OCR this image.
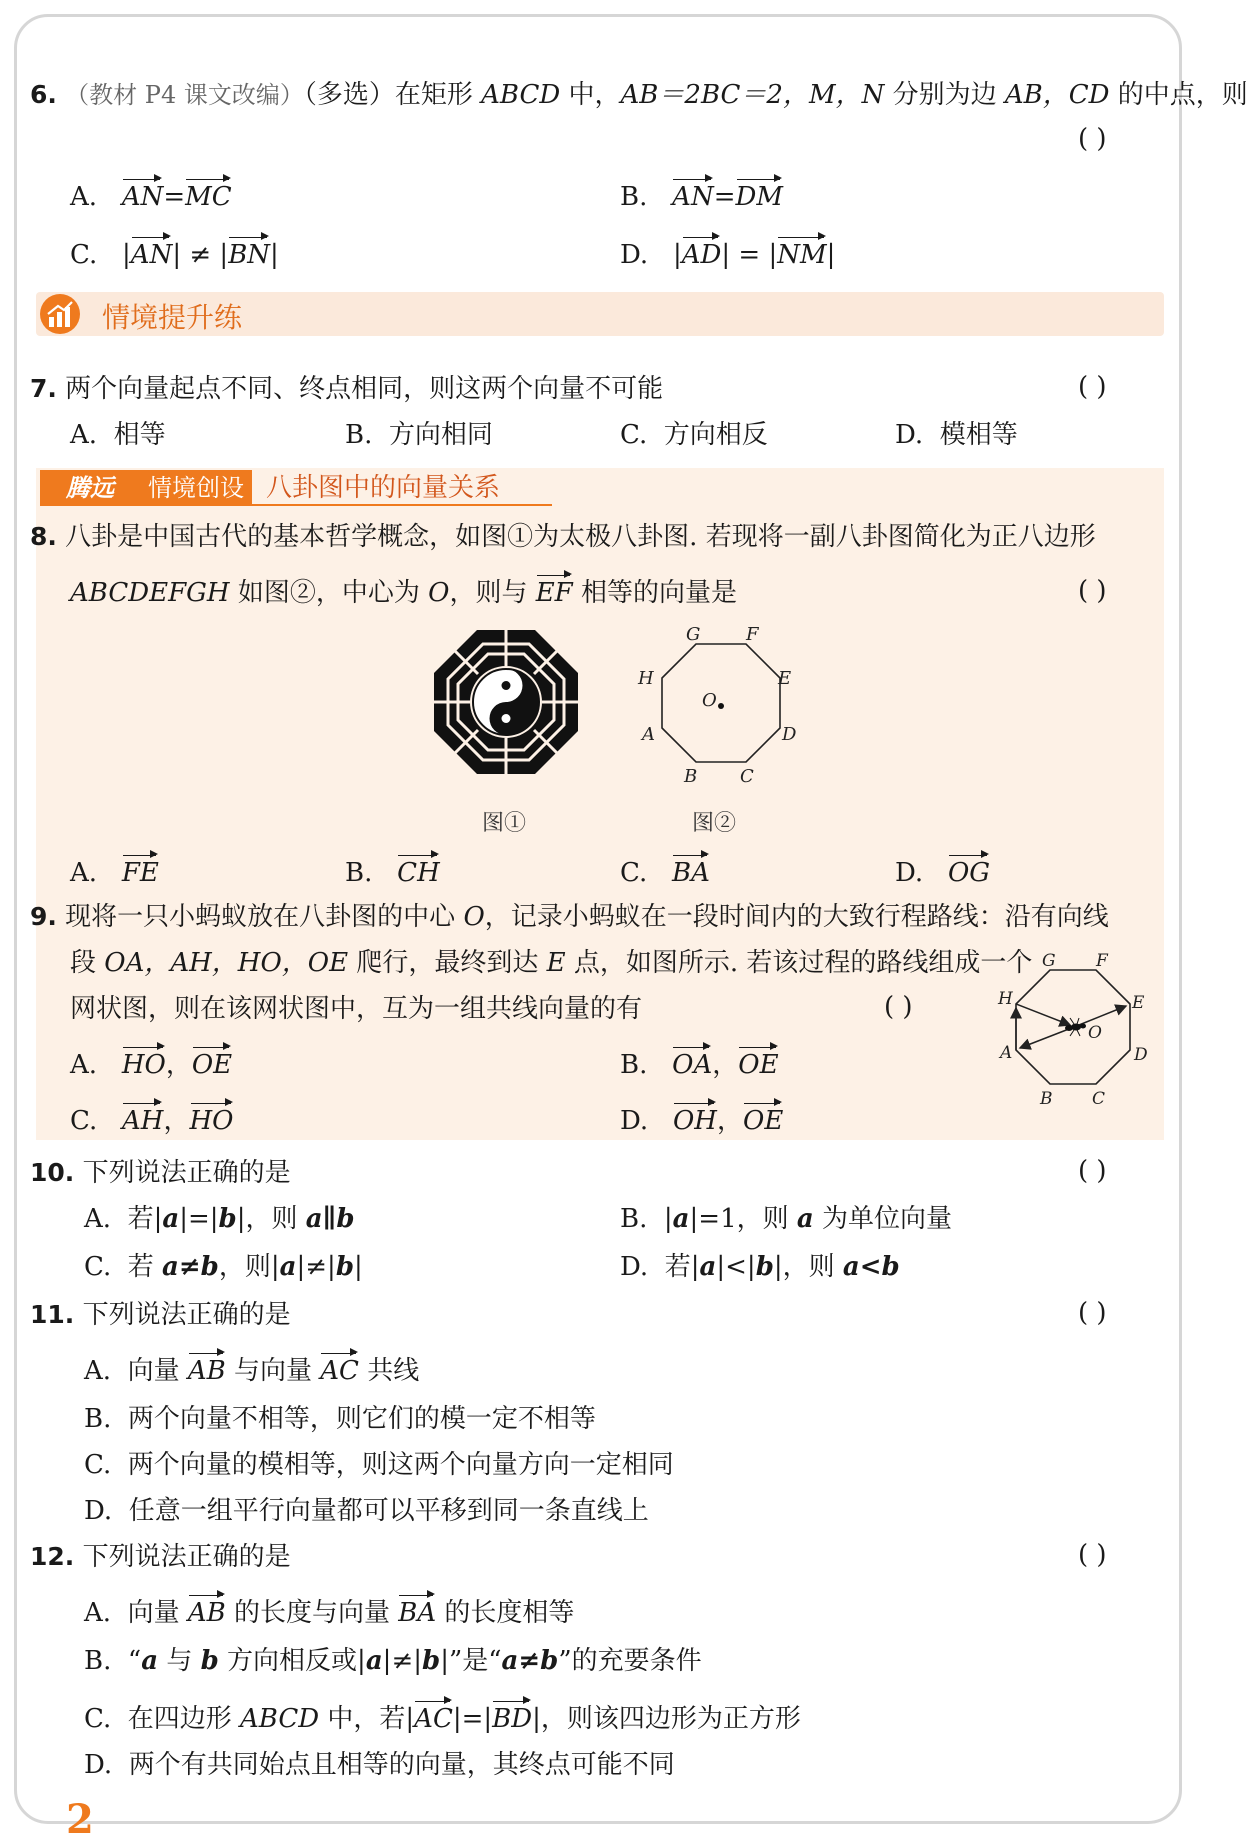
6. （教材 P4 课文改编）（多选）在矩形 ABCD 中，AB＝2BC＝2，M，N 分别为边 AB，CD 的中点，则
( )
A. AN=MC	B. AN=DM
C.   |AN| ≠ |BN|	D.   |AD| = |NM|
情境提升练
7. 两个向量起点不同、终点相同，则这两个向量不可能	( )
A. 相等	B. 方向相同	C. 方向相反	D. 模相等
腾远	情境创设 八卦图中的向量关系
8. 八卦是中国古代的基本哲学概念，如图①为太极八卦图. 若现将一副八卦图简化为正八边形
ABCDEFGH 如图②，中心为 O，则与 EF 相等的向量是	( )
图①
G	F
E
D
C
B
A
H
O
图②
A. FE	B. CH	C. BA	D. OG
9. 现将一只小蚂蚁放在八卦图的中心 O，记录小蚂蚁在一段时间内的大致行程路线：沿有向线
段 OA，AH，HO，OE 爬行，最终到达 E 点，如图所示. 若该过程的路线组成一个
网状图，则在该网状图中，互为一组共线向量的有	( )
G F
E
D
C
B
A
H
O
A. HO，OE	B. OA，OE
C. AH，HO	D. OH，OE
10. 下列说法正确的是	( )
A. 若|a|=|b|，则 a∥b	B.  |a|=1，则 a 为单位向量
C. 若 a≠b，则|a|≠|b|	D. 若|a|<|b|，则 a<b
11. 下列说法正确的是	( )
A. 向量 AB 与向量 AC 共线
B. 两个向量不相等，则它们的模一定不相等
C. 两个向量的模相等，则这两个向量方向一定相同
D. 任意一组平行向量都可以平移到同一条直线上
12. 下列说法正确的是	( )
A. 向量 AB 的长度与向量 BA 的长度相等
B. “a 与 b 方向相反或|a|≠|b|”是“a≠b”的充要条件
C. 在四边形 ABCD 中，若|AC|=|BD|，则该四边形为正方形
D. 两个有共同始点且相等的向量，其终点可能不同
2
